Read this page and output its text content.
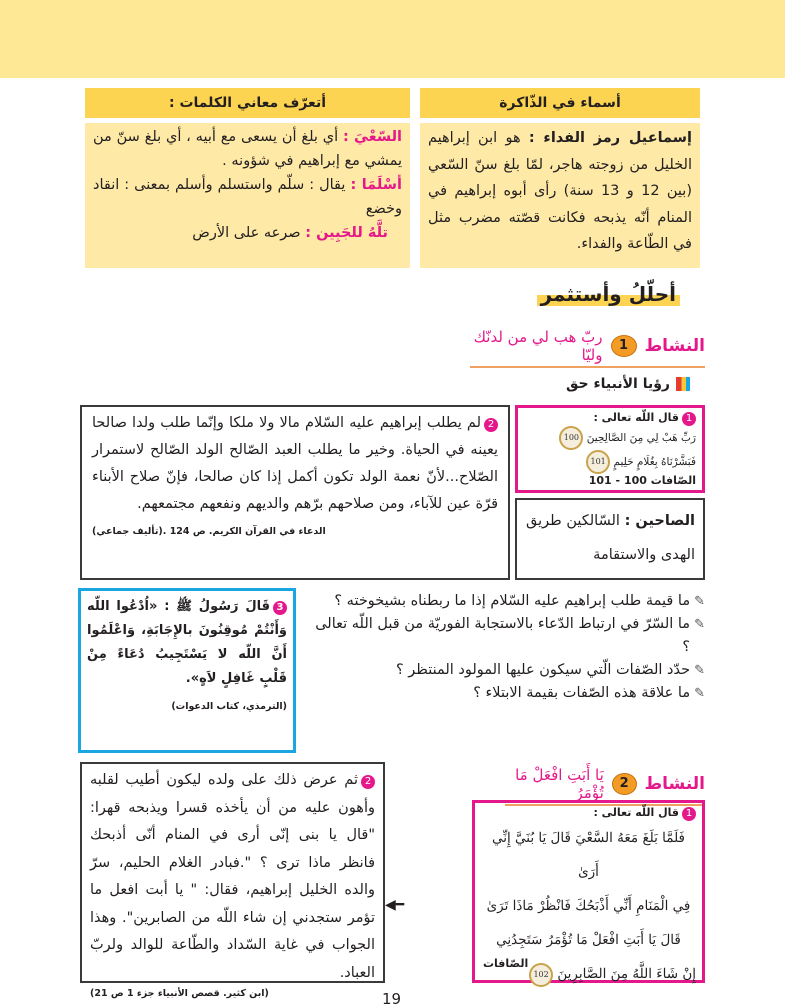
أسماء في الذّاكرة
أتعرّف معاني الكلمات :
إسماعيل رمز الفداء : هو ابن إبراهيم الخليل من زوجته هاجر، لمّا بلغ سنّ السّعي (بين 12 و 13 سنة) رأى أبوه إبراهيم في المنام أنّه يذبحه فكانت قصّته مضرب مثل في الطّاعة والفداء.
السّعْيَ : أي بلغ أن يسعى مع أبيه ، أي بلغ سنّ من يمشي مع إبراهيم في شؤونه .
أسْلَمَا : يقال : سلّم واستسلم وأسلم بمعنى : انقاد وخضع
تلَّهُ للجَبِين : صرعه على الأرض
أحلّلُ وأستثمر
النشاط
1
ربّ هب لي من لدنّك وليّا
رؤيا الأنبياء حق
1قال اللّه تعالى :
رَبِّ هَبْ لِي مِنَ الصَّالِحِينَ 100 فَبَشَّرْنَاهُ بِغُلَامٍ حَلِيمٍ 101
الصّافات 100 - 101
الصاحين : السّالكين طريق الهدى والاستقامة
2لم يطلب إبراهيم عليه السّلام مالا ولا ملكا وإنّما طلب ولدا صالحا يعينه في الحياة. وخير ما يطلب العبد الصّالح الولد الصّالح لاستمرار الصّلاح...لأنّ نعمة الولد تكون أكمل إذا كان صالحا، فإنّ صلاح الأبناء قرّة عين للآباء، ومن صلاحهم برّهم والديهم ونفعهم مجتمعهم.
الدعاء في القرآن الكريم. ص 124 .(تأليف جماعي)
3قَالَ رَسُولُ ﷺ : «اُدْعُوا اللّه وَأَنْتُمْ مُوقِنُونَ بالإِجَابَةِ، وَاعْلَمُوا أَنَّ اللّه لا يَسْتَجِيبُ دُعَاءً مِنْ قَلْبٍ غَافِلٍ لاَهٍ».
(الترمذي، كتاب الدعوات)
✎
ما قيمة طلب إبراهيم عليه السّلام إذا ما ربطناه بشيخوخته ؟
✎
ما السّرّ في ارتباط الدّعاء بالاستجابة الفوريّة من قبل اللّه تعالى ؟
✎
حدّد الصّفات الّتي سيكون عليها المولود المنتظر ؟
✎
ما علاقة هذه الصّفات بقيمة الابتلاء ؟
النشاط
2
يَا أَبَتِ افْعَلْ مَا تُؤْمَرُ
1قال اللّه تعالى :
فَلَمَّا بَلَغَ مَعَهُ السَّعْيَ قَالَ يَا بُنَيَّ إِنِّي أَرَىٰ
فِي الْمَنَامِ أَنِّي أَذْبَحُكَ فَانْظُرْ مَاذَا تَرَىٰ
قَالَ يَا أَبَتِ افْعَلْ مَا تُؤْمَرُ سَتَجِدُنِي
إِنْ شَاءَ اللَّهُ مِنَ الصَّابِرِينَ 102
الصّافات
◀━
2ثم عرض ذلك على ولده ليكون أطيب لقلبه وأهون عليه من أن يأخذه قسرا ويذبحه قهرا: "قال يا بنى إنّى أرى في المنام أنّى أذبحك فانظر ماذا ترى ؟ ".فبادر الغلام الحليم، سرّ والده الخليل إبراهيم، فقال: " يا أبت افعل ما تؤمر ستجدني إن شاء اللّه من الصابرين". وهذا الجواب في غاية السّداد والطّاعة للوالد ولربّ العباد.
(ابن كثير. قصص الأنبياء جزء 1 ص 21)	19
